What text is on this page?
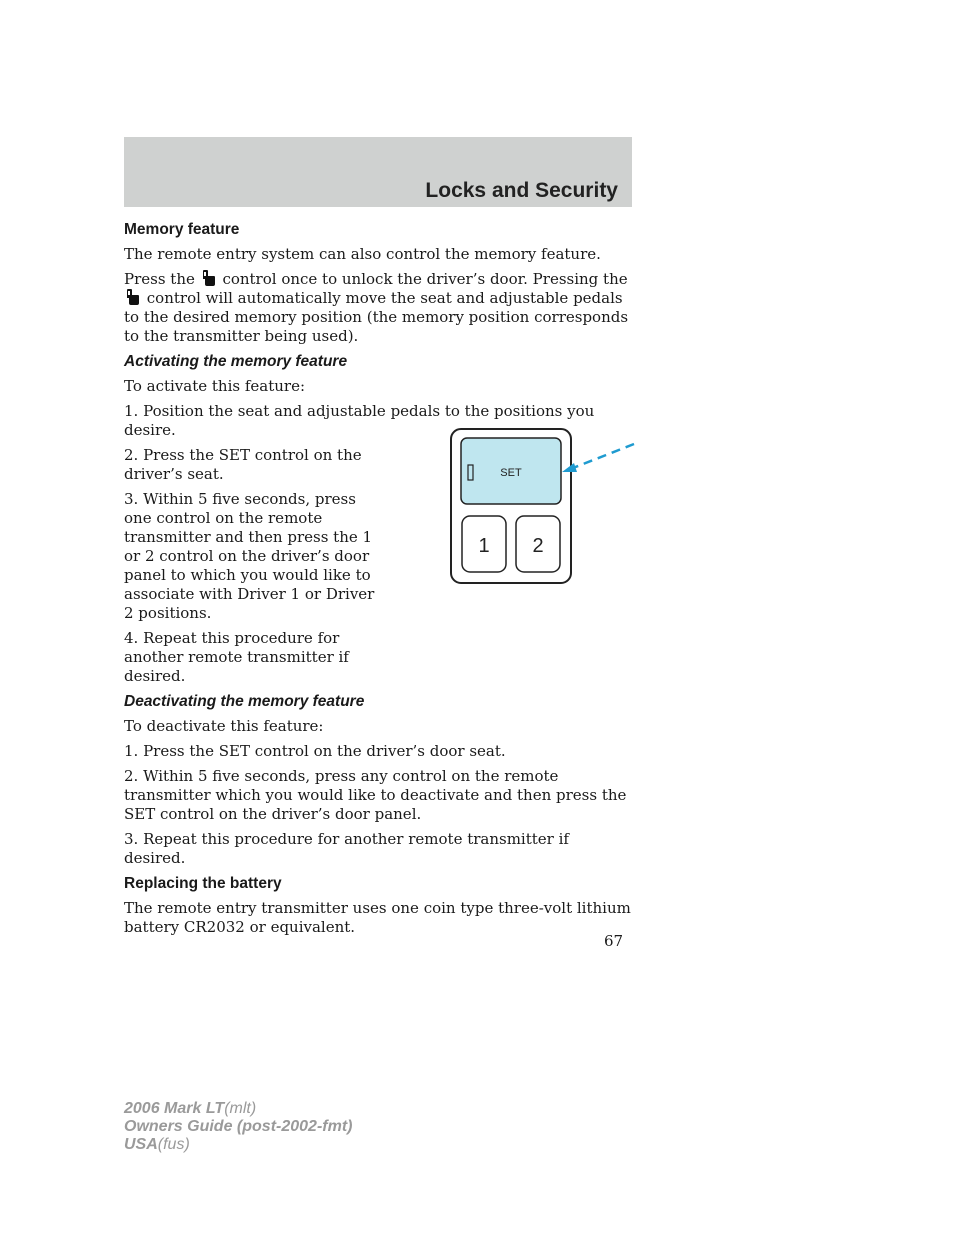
Locks and Security
Memory feature

The remote entry system can also control the memory feature.

Press the control once to unlock the driver’s door. Pressing the  control will automatically move the seat and adjustable pedals to the desired memory position (the memory position corresponds to the transmitter being used).

Activating the memory feature

To activate this feature:

1. Position the seat and adjustable pedals to the positions you desire.

2. Press the SET control on the driver’s seat.

3. Within 5 five seconds, press one control on the remote transmitter and then press the 1 or 2 control on the driver’s door panel to which you would like to associate with Driver 1 or Driver 2 positions.

4. Repeat this procedure for another remote transmitter if desired.

Deactivating the memory feature

To deactivate this feature:

1. Press the SET control on the driver’s door seat.

2. Within 5 five seconds, press any control on the remote transmitter which you would like to deactivate and then press the SET control on the driver’s door panel.

3. Repeat this procedure for another remote transmitter if desired.

Replacing the battery

The remote entry transmitter uses one coin type three-volt lithium battery CR2032 or equivalent.

SET
1 2
67
2006 Mark LT(mlt)
Owners Guide (post-2002-fmt)
USA(fus)
